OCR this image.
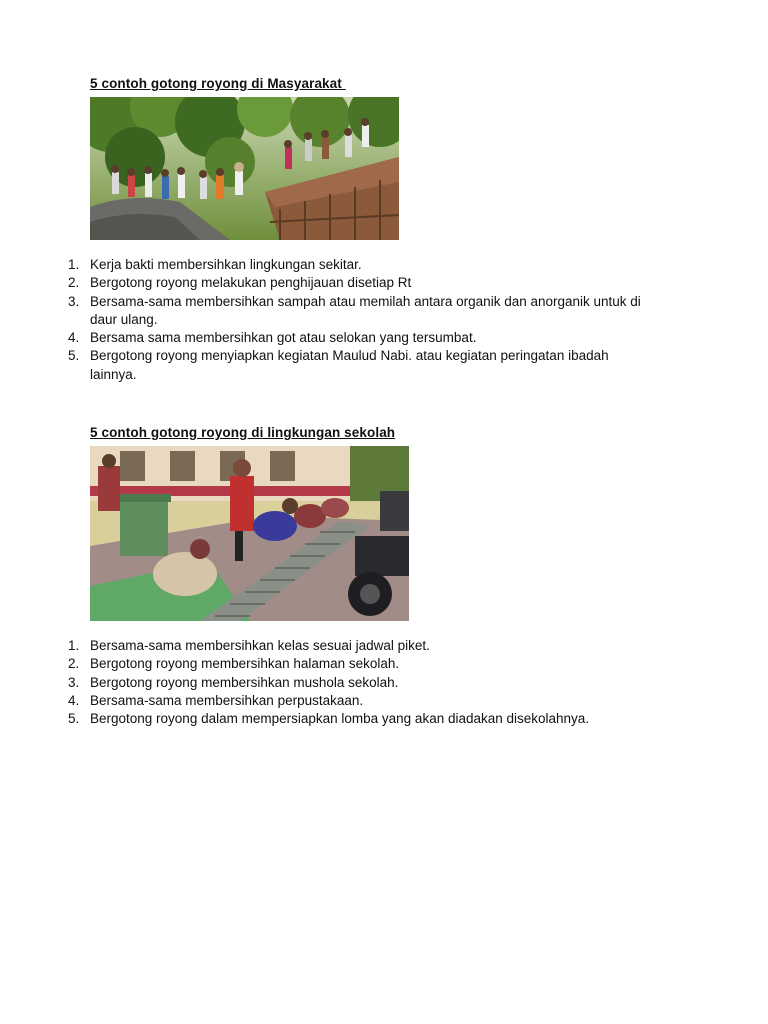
5 contoh gotong royong di Masyarakat
1. Kerja bakti membersihkan lingkungan sekitar.
2. Bergotong royong melakukan penghijauan disetiap Rt
3. Bersama-sama membersihkan sampah atau memilah antara organik dan anorganik untuk di daur ulang.
4. Bersama sama membersihkan got atau selokan yang tersumbat.
5. Bergotong royong menyiapkan kegiatan Maulud Nabi. atau kegiatan peringatan ibadah lainnya.
5 contoh gotong royong di lingkungan sekolah
1. Bersama-sama membersihkan kelas sesuai jadwal piket.
2. Bergotong royong membersihkan halaman sekolah.
3. Bergotong royong membersihkan mushola sekolah.
4. Bersama-sama membersihkan perpustakaan.
5. Bergotong royong dalam mempersiapkan lomba yang akan diadakan disekolahnya.
